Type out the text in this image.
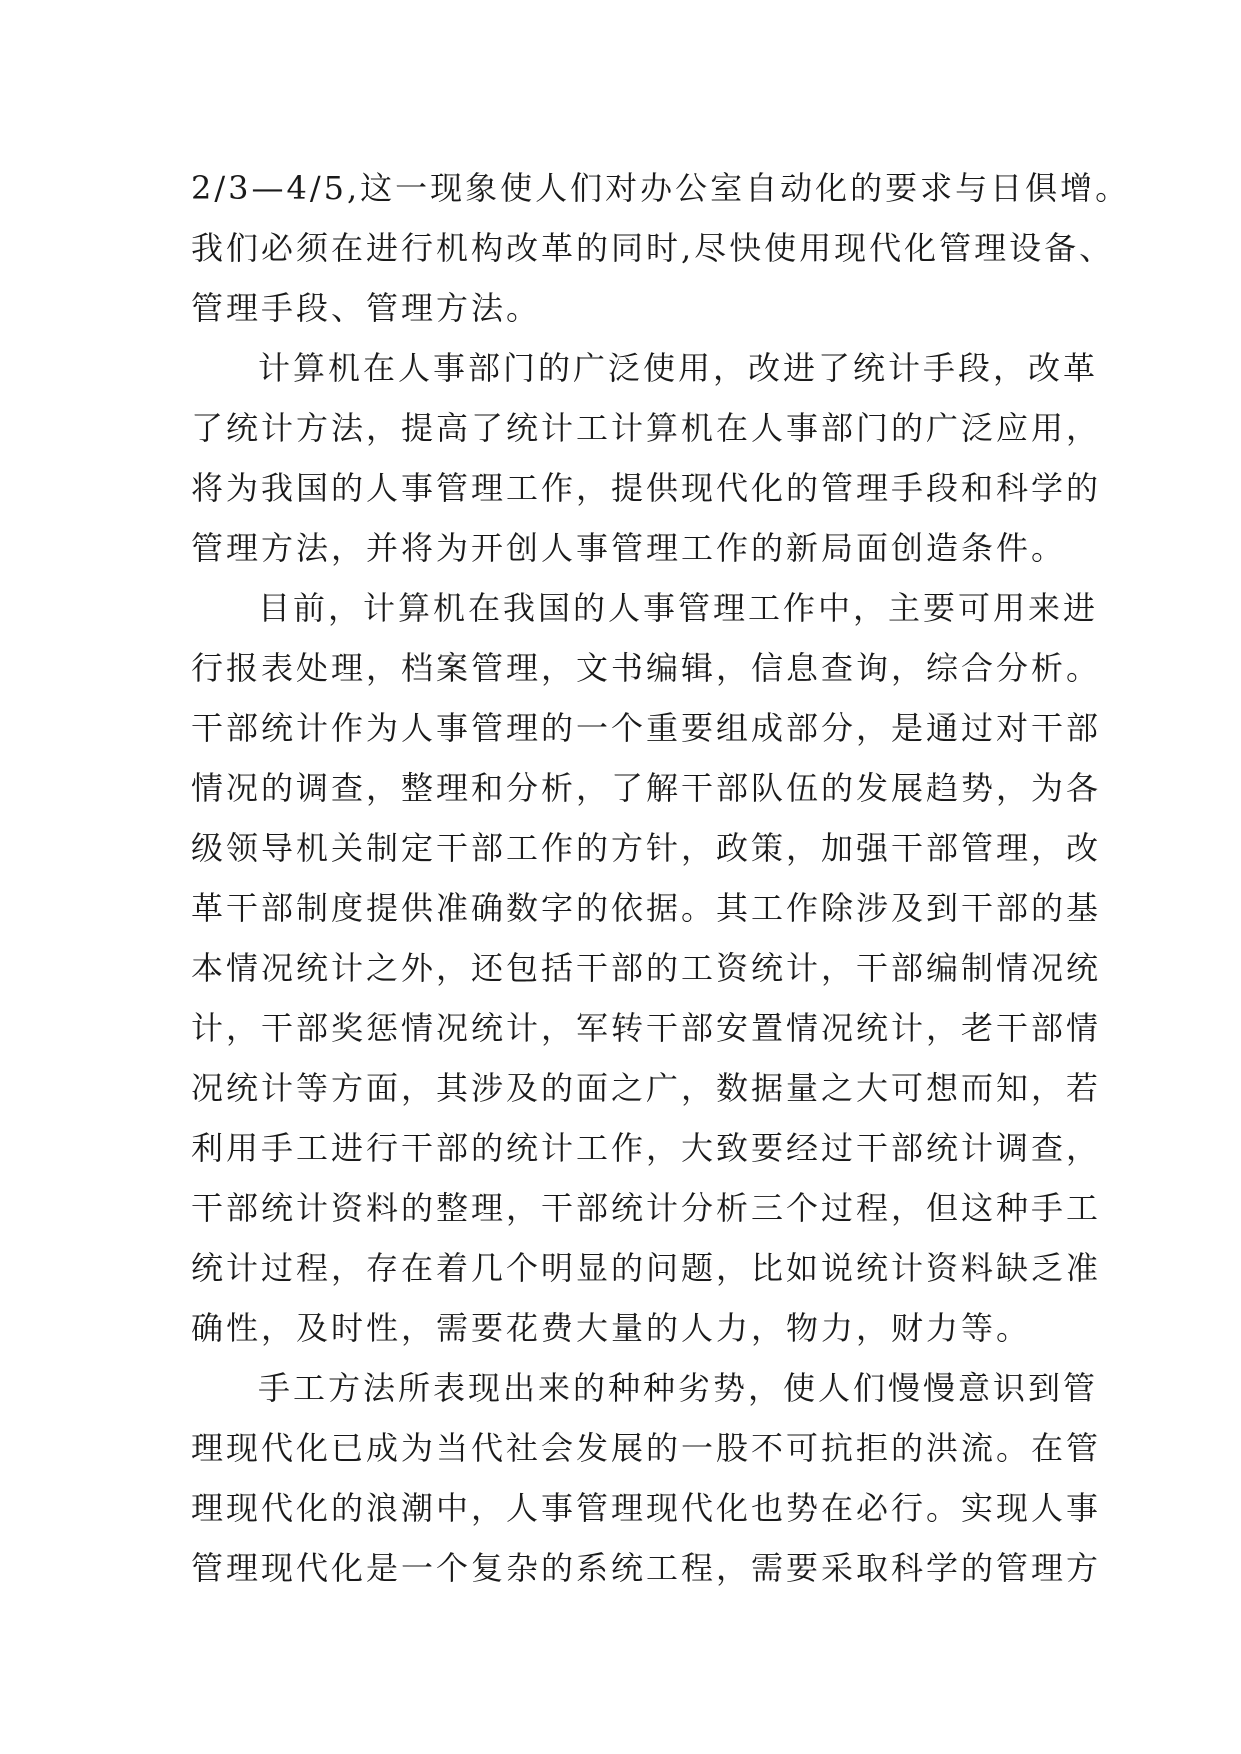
2/3—4/5,这一现象使人们对办公室自动化的要求与日俱增。
我们必须在进行机构改革的同时,尽快使用现代化管理设备、
管理手段、管理方法。
计算机在人事部门的广泛使用，改进了统计手段，改革
了统计方法，提高了统计工计算机在人事部门的广泛应用，
将为我国的人事管理工作，提供现代化的管理手段和科学的
管理方法，并将为开创人事管理工作的新局面创造条件。
目前，计算机在我国的人事管理工作中，主要可用来进
行报表处理，档案管理，文书编辑，信息查询，综合分析。
干部统计作为人事管理的一个重要组成部分，是通过对干部
情况的调查，整理和分析，了解干部队伍的发展趋势，为各
级领导机关制定干部工作的方针，政策，加强干部管理，改
革干部制度提供准确数字的依据。其工作除涉及到干部的基
本情况统计之外，还包括干部的工资统计，干部编制情况统
计，干部奖惩情况统计，军转干部安置情况统计，老干部情
况统计等方面，其涉及的面之广，数据量之大可想而知，若
利用手工进行干部的统计工作，大致要经过干部统计调查，
干部统计资料的整理，干部统计分析三个过程，但这种手工
统计过程，存在着几个明显的问题，比如说统计资料缺乏准
确性，及时性，需要花费大量的人力，物力，财力等。
手工方法所表现出来的种种劣势，使人们慢慢意识到管
理现代化已成为当代社会发展的一股不可抗拒的洪流。在管
理现代化的浪潮中，人事管理现代化也势在必行。实现人事
管理现代化是一个复杂的系统工程，需要采取科学的管理方
